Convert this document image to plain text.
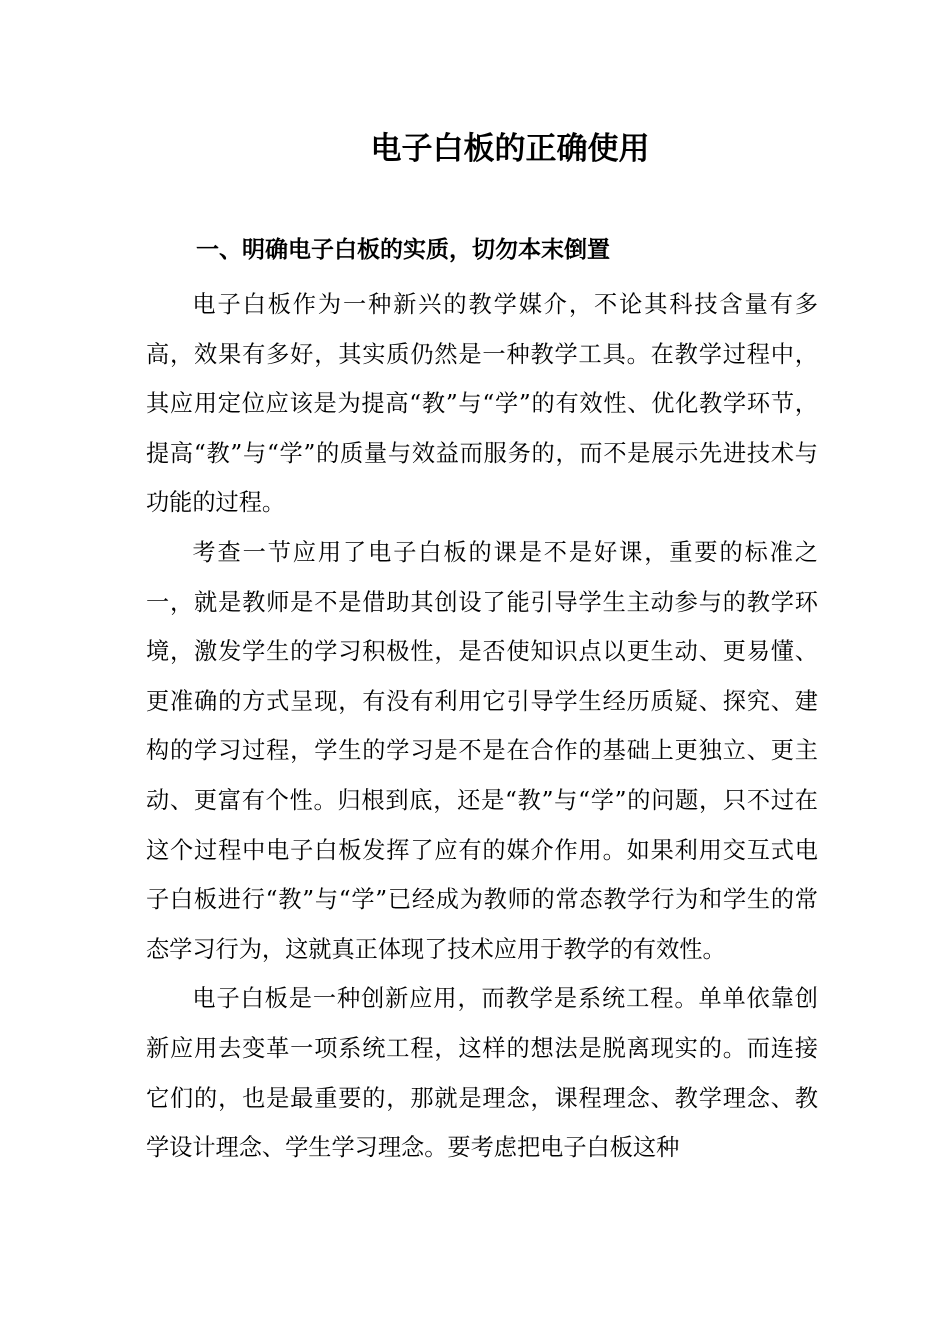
电子白板的正确使用
一、明确电子白板的实质，切勿本末倒置

电子白板作为一种新兴的教学媒介，不论其科技含量有多高，效果有多好，其实质仍然是一种教学工具。在教学过程中，其应用定位应该是为提高“教”与“学”的有效性、优化教学环节，提高“教”与“学”的质量与效益而服务的，而不是展示先进技术与功能的过程。

考查一节应用了电子白板的课是不是好课，重要的标准之一，就是教师是不是借助其创设了能引导学生主动参与的教学环境，激发学生的学习积极性，是否使知识点以更生动、更易懂、更准确的方式呈现，有没有利用它引导学生经历质疑、探究、建构的学习过程，学生的学习是不是在合作的基础上更独立、更主动、更富有个性。归根到底，还是“教”与“学”的问题，只不过在这个过程中电子白板发挥了应有的媒介作用。如果利用交互式电子白板进行“教”与“学”已经成为教师的常态教学行为和学生的常态学习行为，这就真正体现了技术应用于教学的有效性。

电子白板是一种创新应用，而教学是系统工程。单单依靠创新应用去变革一项系统工程，这样的想法是脱离现实的。而连接它们的，也是最重要的，那就是理念，课程理念、教学理念、教学设计理念、学生学习理念。要考虑把电子白板这种
